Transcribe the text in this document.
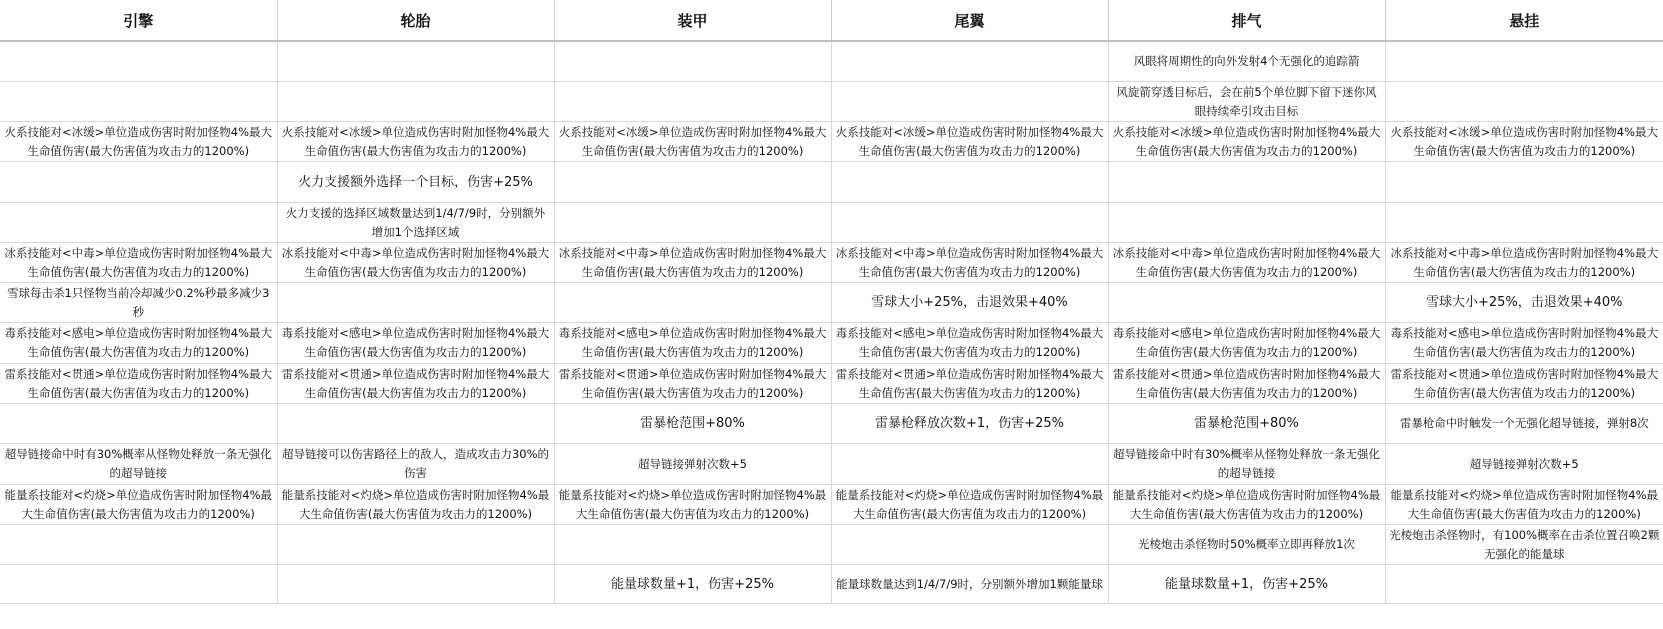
引擎	轮胎	装甲	尾翼	排气	悬挂
				风眼将周期性的向外发射4个无强化的追踪箭	
				风旋箭穿透目标后，会在前5个单位脚下留下迷你风眼持续牵引攻击目标	
火系技能对<冰缓>单位造成伤害时附加怪物4%最大生命值伤害(最大伤害值为攻击力的1200%)	火系技能对<冰缓>单位造成伤害时附加怪物4%最大生命值伤害(最大伤害值为攻击力的1200%)	火系技能对<冰缓>单位造成伤害时附加怪物4%最大生命值伤害(最大伤害值为攻击力的1200%)	火系技能对<冰缓>单位造成伤害时附加怪物4%最大生命值伤害(最大伤害值为攻击力的1200%)	火系技能对<冰缓>单位造成伤害时附加怪物4%最大生命值伤害(最大伤害值为攻击力的1200%)	火系技能对<冰缓>单位造成伤害时附加怪物4%最大生命值伤害(最大伤害值为攻击力的1200%)
	火力支援额外选择一个目标，伤害+25%				
	火力支援的选择区域数量达到1/4/7/9时，分别额外增加1个选择区域				
冰系技能对<中毒>单位造成伤害时附加怪物4%最大生命值伤害(最大伤害值为攻击力的1200%)	冰系技能对<中毒>单位造成伤害时附加怪物4%最大生命值伤害(最大伤害值为攻击力的1200%)	冰系技能对<中毒>单位造成伤害时附加怪物4%最大生命值伤害(最大伤害值为攻击力的1200%)	冰系技能对<中毒>单位造成伤害时附加怪物4%最大生命值伤害(最大伤害值为攻击力的1200%)	冰系技能对<中毒>单位造成伤害时附加怪物4%最大生命值伤害(最大伤害值为攻击力的1200%)	冰系技能对<中毒>单位造成伤害时附加怪物4%最大生命值伤害(最大伤害值为攻击力的1200%)
雪球每击杀1只怪物当前冷却减少0.2%秒最多减少3秒			雪球大小+25%，击退效果+40%		雪球大小+25%，击退效果+40%
毒系技能对<感电>单位造成伤害时附加怪物4%最大生命值伤害(最大伤害值为攻击力的1200%)	毒系技能对<感电>单位造成伤害时附加怪物4%最大生命值伤害(最大伤害值为攻击力的1200%)	毒系技能对<感电>单位造成伤害时附加怪物4%最大生命值伤害(最大伤害值为攻击力的1200%)	毒系技能对<感电>单位造成伤害时附加怪物4%最大生命值伤害(最大伤害值为攻击力的1200%)	毒系技能对<感电>单位造成伤害时附加怪物4%最大生命值伤害(最大伤害值为攻击力的1200%)	毒系技能对<感电>单位造成伤害时附加怪物4%最大生命值伤害(最大伤害值为攻击力的1200%)
雷系技能对<贯通>单位造成伤害时附加怪物4%最大生命值伤害(最大伤害值为攻击力的1200%)	雷系技能对<贯通>单位造成伤害时附加怪物4%最大生命值伤害(最大伤害值为攻击力的1200%)	雷系技能对<贯通>单位造成伤害时附加怪物4%最大生命值伤害(最大伤害值为攻击力的1200%)	雷系技能对<贯通>单位造成伤害时附加怪物4%最大生命值伤害(最大伤害值为攻击力的1200%)	雷系技能对<贯通>单位造成伤害时附加怪物4%最大生命值伤害(最大伤害值为攻击力的1200%)	雷系技能对<贯通>单位造成伤害时附加怪物4%最大生命值伤害(最大伤害值为攻击力的1200%)
		雷暴枪范围+80%	雷暴枪释放次数+1，伤害+25%	雷暴枪范围+80%	雷暴枪命中时触发一个无强化超导链接，弹射8次
超导链接命中时有30%概率从怪物处释放一条无强化的超导链接	超导链接可以伤害路径上的敌人，造成攻击力30%的伤害	超导链接弹射次数+5		超导链接命中时有30%概率从怪物处释放一条无强化的超导链接	超导链接弹射次数+5
能量系技能对<灼烧>单位造成伤害时附加怪物4%最大生命值伤害(最大伤害值为攻击力的1200%)	能量系技能对<灼烧>单位造成伤害时附加怪物4%最大生命值伤害(最大伤害值为攻击力的1200%)	能量系技能对<灼烧>单位造成伤害时附加怪物4%最大生命值伤害(最大伤害值为攻击力的1200%)	能量系技能对<灼烧>单位造成伤害时附加怪物4%最大生命值伤害(最大伤害值为攻击力的1200%)	能量系技能对<灼烧>单位造成伤害时附加怪物4%最大生命值伤害(最大伤害值为攻击力的1200%)	能量系技能对<灼烧>单位造成伤害时附加怪物4%最大生命值伤害(最大伤害值为攻击力的1200%)
				光棱炮击杀怪物时50%概率立即再释放1次	光棱炮击杀怪物时，有100%概率在击杀位置召唤2颗无强化的能量球
		能量球数量+1，伤害+25%	能量球数量达到1/4/7/9时，分别额外增加1颗能量球	能量球数量+1，伤害+25%	
